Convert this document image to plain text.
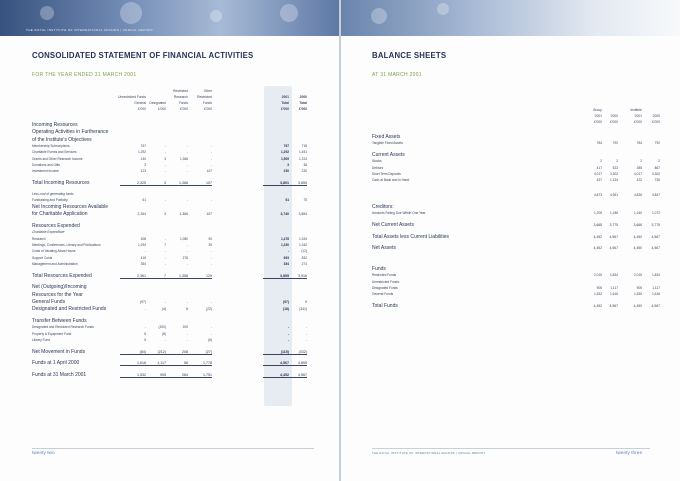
THE ROYAL INSTITUTE OF INTERNATIONAL AFFAIRS | ANNUAL REPORT
CONSOLIDATED STATEMENT OF FINANCIAL ACTIVITIES
FOR THE YEAR ENDED 31 MARCH 2001
Unrestricted Funds
General
£'000
Designated
£'000
Restricted
Research
Funds
£'000
Other
Restricted
Funds
£'000
2001
Total
£'000
2000
Total
£'000
Incoming Resources
Operating Activities in Furtherance
of the Institute's Objectives
Membership Subscriptions	767	-	-	-	767	718
Charitable Events and Services	1,292	-	-	-	1,292	1,451
Grants and Other Research Income	140	3	1,366	-	1,509	1,224
Donations and Gifts	3	-	-	-	3	36
Investment Income	123	-	-	107	230	230
Total Incoming Resources	2,325	3	1,366	107	3,801	3,659
Less cost of generating funds
Fundraising and Publicity	61	-	-	-	61	75
Net Incoming Resources Available
for Charitable Application	2,264	3	1,366	107	3,740	3,584
Resources Expended
Charitable Expenditure
Research	308	-	1,080	90	1,478	1,334
Meetings, Conferences, Library and Publications	1,294	7	-	39	1,330	1,342
Costs of Vacating Alnas House	-	-	-	-	-	(12)
Support Costs	415	-	278	-	693	832
Management and Administration	354	-	-	-	354	274
Total Resources Expended	2,361	7	1,358	129	3,855	3,916
Net (Outgoing)/Incoming
Resources for the Year
General Funds	(97)	-	-	-	(97)	9
Designated and Restricted Funds	-	(4)	8	(22)	(18)	(341)
Transfer Between Funds
Designated and Restricted Research Funds	-	(200)	200	-	-	-
Property & Equipment Fund	8	(8)	-	-	-	-
Library Fund	5	-	-	(5)	-	-
Net Movement in Funds	(84)	(212)	208	(27)	(115)	(332)
Funds at 1 April 2000	1,616	1,117	56	1,778	4,567	4,899
Funds at 31 March 2001	1,532	905	264	1,751	4,452	4,567
twenty two
BALANCE SHEETS
AT 31 MARCH 2001
Group
2001
£'000
2000
£'000
Institute
2001
£'000
2000
£'000
Fixed Assets
Tangible Fixed Assets	784	792	784	792
Current Assets
Stocks	2	2	2	2
Debtors	417	523	385	867
Short Term Deposits	4,017	3,302	4,017	3,302
Cash at Bank and in Hand	437	1,134	422	736
4,873	4,961	4,826	4,847
Creditors:
Amounts Falling Due Within One Year	1,205	1,186	1,160	1,072
Net Current Assets	3,668	3,775	3,666	3,775
Total Assets less Current Liabilities	4,452	4,567	4,450	4,567
Net Assets	4,452	4,567	4,450	4,567
Funds
Restricted Funds	2,015	1,834	2,015	1,834
Unrestricted Funds:
Designated Funds	905	1,117	905	1,117
General Funds	1,532	1,616	1,530	1,616
Total Funds	4,452	4,567	4,450	4,567
THE ROYAL INSTITUTE OF INTERNATIONAL AFFAIRS | ANNUAL REPORT	twenty three
